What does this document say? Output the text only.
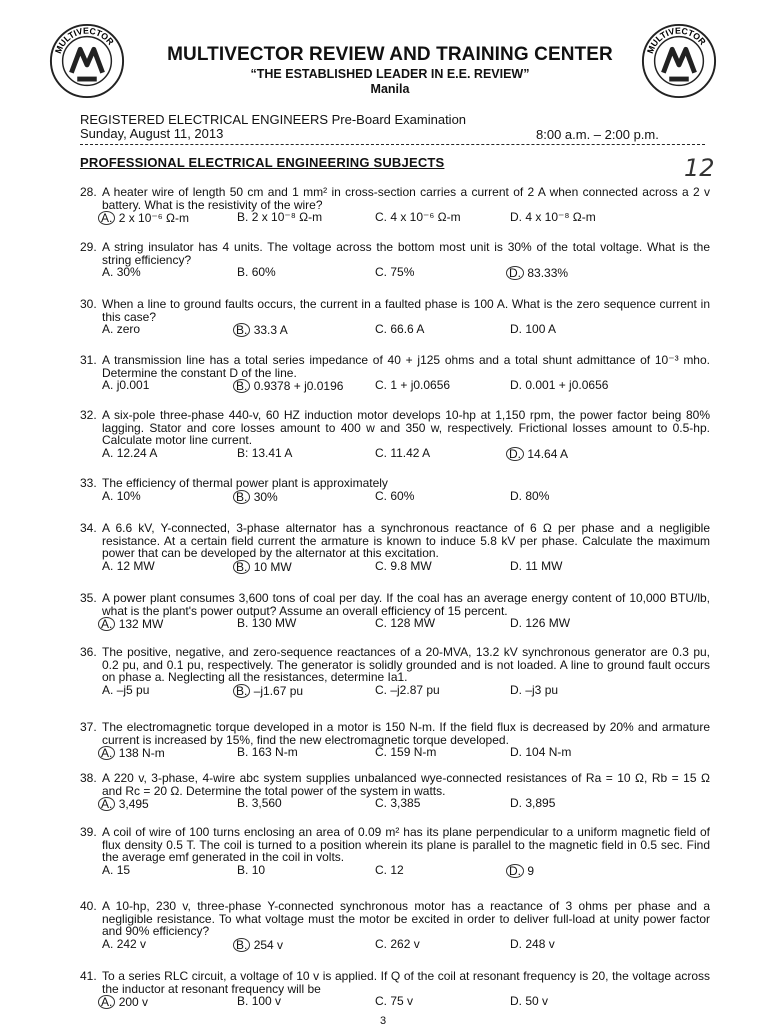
MULTIVECTOR
MULTIVECTOR
MULTIVECTOR REVIEW AND TRAINING CENTER
“THE ESTABLISHED LEADER IN E.E. REVIEW”
Manila
REGISTERED ELECTRICAL ENGINEERS Pre-Board Examination
Sunday, August 11, 2013	8:00 a.m. – 2:00 p.m.
PROFESSIONAL ELECTRICAL ENGINEERING SUBJECTS	12
28. A heater wire of length 50 cm and 1 mm² in cross-section carries a current of 2 A when connected across a 2 v battery. What is the resistivity of the wire?
A. 2 x 10⁻⁶ Ω-m	B. 2 x 10⁻⁸ Ω-m	C. 4 x 10⁻⁶ Ω-m	D. 4 x 10⁻⁸ Ω-m
29. A string insulator has 4 units. The voltage across the bottom most unit is 30% of the total voltage. What is the string efficiency?
A. 30%	B. 60%	C. 75%	D. 83.33%
30. When a line to ground faults occurs, the current in a faulted phase is 100 A. What is the zero sequence current in this case?
A. zero	B. 33.3 A	C. 66.6 A	D. 100 A
31. A transmission line has a total series impedance of 40 + j125 ohms and a total shunt admittance of 10⁻³ mho. Determine the constant D of the line.
A. j0.001	B. 0.9378 + j0.0196	C. 1 + j0.0656	D. 0.001 + j0.0656
32. A six-pole three-phase 440-v, 60 HZ induction motor develops 10-hp at 1,150 rpm, the power factor being 80% lagging. Stator and core losses amount to 400 w and 350 w, respectively. Frictional losses amount to 0.5-hp. Calculate motor line current.
A. 12.24 A	B: 13.41 A	C. 11.42 A	D. 14.64 A
33. The efficiency of thermal power plant is approximately
A. 10%	B. 30%	C. 60%	D. 80%
34. A 6.6 kV, Y-connected, 3-phase alternator has a synchronous reactance of 6 Ω per phase and a negligible resistance. At a certain field current the armature is known to induce 5.8 kV per phase. Calculate the maximum power that can be developed by the alternator at this excitation.
A. 12 MW	B. 10 MW	C. 9.8 MW	D. 11 MW
35. A power plant consumes 3,600 tons of coal per day. If the coal has an average energy content of 10,000 BTU/lb, what is the plant's power output? Assume an overall efficiency of 15 percent.
A. 132 MW	B. 130 MW	C. 128 MW	D. 126 MW
36. The positive, negative, and zero-sequence reactances of a 20-MVA, 13.2 kV synchronous generator are 0.3 pu, 0.2 pu, and 0.1 pu, respectively. The generator is solidly grounded and is not loaded. A line to ground fault occurs on phase a. Neglecting all the resistances, determine Ia1.
A. –j5 pu	B. –j1.67 pu	C. –j2.87 pu	D. –j3 pu
37. The electromagnetic torque developed in a motor is 150 N-m. If the field flux is decreased by 20% and armature current is increased by 15%, find the new electromagnetic torque developed.
A. 138 N-m	B. 163 N-m	C. 159 N-m	D. 104 N-m
38. A 220 v, 3-phase, 4-wire abc system supplies unbalanced wye-connected resistances of Ra = 10 Ω, Rb = 15 Ω and Rc = 20 Ω. Determine the total power of the system in watts.
A. 3,495	B. 3,560	C. 3,385	D. 3,895
39. A coil of wire of 100 turns enclosing an area of 0.09 m² has its plane perpendicular to a uniform magnetic field of flux density 0.5 T. The coil is turned to a position wherein its plane is parallel to the magnetic field in 0.5 sec. Find the average emf generated in the coil in volts.
A. 15	B. 10	C. 12	D. 9
40. A 10-hp, 230 v, three-phase Y-connected synchronous motor has a reactance of 3 ohms per phase and a negligible resistance. To what voltage must the motor be excited in order to deliver full-load at unity power factor and 90% efficiency?
A. 242 v	B. 254 v	C. 262 v	D. 248 v
41. To a series RLC circuit, a voltage of 10 v is applied. If Q of the coil at resonant frequency is 20, the voltage across the inductor at resonant frequency will be
A. 200 v	B. 100 v	C. 75 v	D. 50 v
3
